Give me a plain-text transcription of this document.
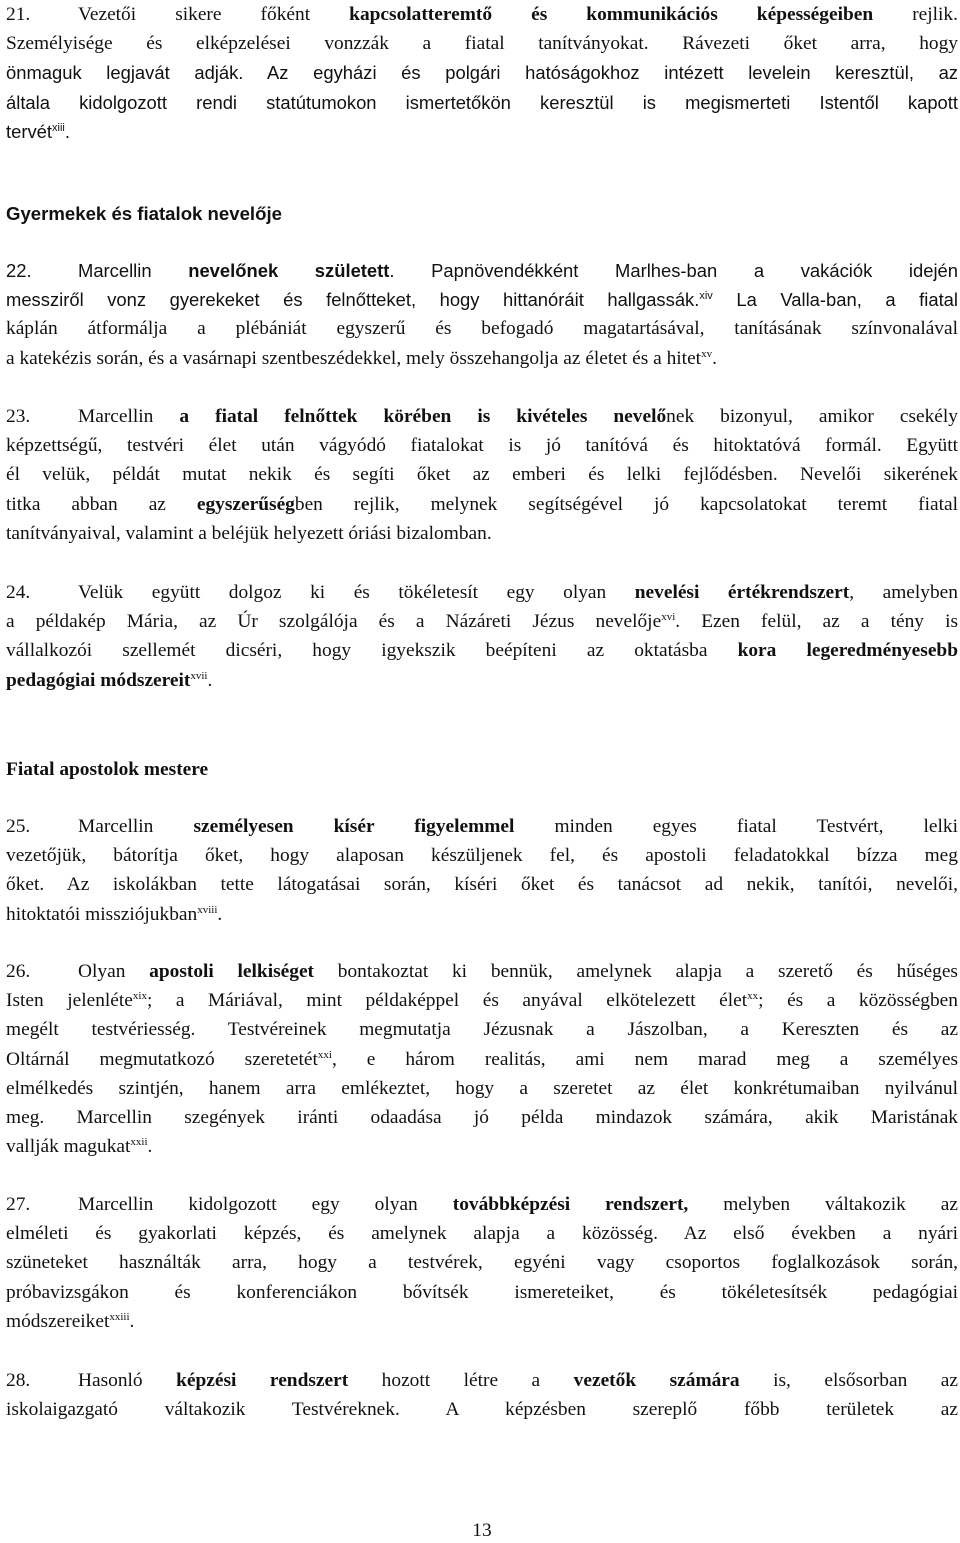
21. Vezetői sikere főként kapcsolatteremtő és kommunikációs képességeiben rejlik.
Személyisége és elképzelései vonzzák a fiatal tanítványokat. Rávezeti őket arra, hogy
önmaguk legjavát adják. Az egyházi és polgári hatóságokhoz intézett levelein keresztül, az
általa kidolgozott rendi statútumokon ismertetőkön keresztül is megismerteti Istentől kapott
tervét$^{xiii}$.
Gyermekek és fiatalok nevelője
22.	Marcellin nevelőnek született. Papnövendékként Marlhes-ban a vakációk idején
messziről vonz gyerekeket és felnőtteket, hogy hittanóráit hallgassák.$^{xiv}$ La Valla-ban, a fiatal
káplán átformálja a plébániát egyszerű és befogadó magatartásával, tanításának színvonalával
a katekézis során, és a vasárnapi szentbeszédekkel, mely összehangolja az életet és a hitet$^{xv}$.
23. Marcellin a fiatal felnőttek körében is kivételes nevelőnek bizonyul, amikor csekély
képzettségű, testvéri élet után vágyódó fiatalokat is jó tanítóvá és hitoktatóvá formál. Együtt
él velük, példát mutat nekik és segíti őket az emberi és lelki fejlődésben. Nevelői sikerének
titka abban az egyszerűségben rejlik, melynek segítségével jó kapcsolatokat teremt fiatal
tanítványaival, valamint a beléjük helyezett óriási bizalomban.
24. Velük együtt dolgoz ki és tökéletesít egy olyan nevelési értékrendszert, amelyben
a példakép Mária, az Úr szolgálója és a Názáreti Jézus nevelője$^{xvi}$. Ezen felül, az a tény is
vállalkozói szellemét dicséri, hogy igyekszik beépíteni az oktatásba kora legeredményesebb
pedagógiai módszereit$^{xvii}$.
Fiatal apostolok mestere
25. Marcellin személyesen kísér figyelemmel minden egyes fiatal Testvért, lelki
vezetőjük, bátorítja őket, hogy alaposan készüljenek fel, és apostoli feladatokkal bízza meg
őket. Az iskolákban tette látogatásai során, kíséri őket és tanácsot ad nekik, tanítói, nevelői,
hitoktatói missziójukban$^{xviii}$.
26. Olyan apostoli lelkiséget bontakoztat ki bennük, amelynek alapja a szerető és hűséges
Isten jelenléte$^{xix}$; a Máriával, mint példaképpel és anyával elkötelezett élet$^{xx}$; és a közösségben
megélt testvériesség. Testvéreinek megmutatja Jézusnak a Jászolban, a Kereszten és az
Oltárnál megmutatkozó szeretetét$^{xxi}$, e három realitás, ami nem marad meg a személyes
elmélkedés szintjén, hanem arra emlékeztet, hogy a szeretet az élet konkrétumaiban nyilvánul
meg. Marcellin szegények iránti odaadása jó példa mindazok számára, akik Maristának
vallják magukat$^{xxii}$.
27. Marcellin kidolgozott egy olyan továbbképzési rendszert, melyben váltakozik az
elméleti és gyakorlati képzés, és amelynek alapja a közösség. Az első években a nyári
szüneteket használták arra, hogy a testvérek, egyéni vagy csoportos foglalkozások során,
próbavizsgákon és konferenciákon bővítsék ismereteiket, és tökéletesítsék pedagógiai
módszereiket$^{xxiii}$.
28. Hasonló képzési rendszert hozott létre a vezetők számára is, elsősorban az
iskolaigazgató váltakozik Testvéreknek. A képzésben szereplő főbb területek az
13
